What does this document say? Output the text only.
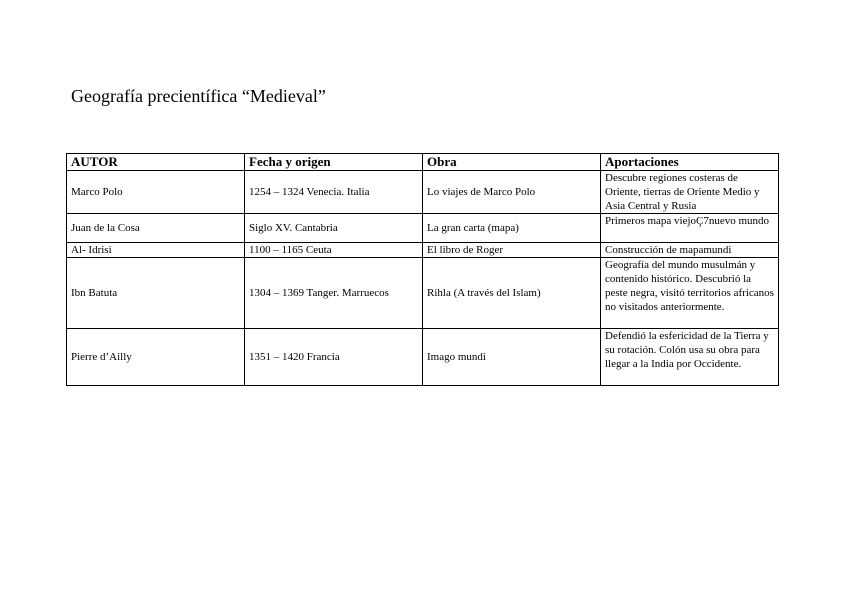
Geografía precientífica “Medieval”
AUTOR	Fecha y origen	Obra	Aportaciones
Marco Polo	1254 – 1324 Venecia. Italia	Lo viajes de Marco Polo	Descubre regiones costeras de Oriente, tierras de Oriente Medio y Asia Central y Rusia
Juan de la Cosa	Siglo XV. Cantabria	La gran carta (mapa)	Primeros mapa viejoÇ7nuevo mundo
Al- Idrisi	1100 – 1165 Ceuta	El libro de Roger	Construcción de mapamundi
Ibn Batuta	1304 – 1369 Tanger. Marruecos	Rihla (A través del Islam)	Geografía del mundo musulmán y contenido histórico. Descubrió la peste negra, visitó territorios africanos no visitados anteriormente.
Pierre d’Ailly	1351 – 1420 Francia	Imago mundi	Defendió la esfericidad de la Tierra y su rotación. Colón usa su obra para llegar a la India por Occidente.
